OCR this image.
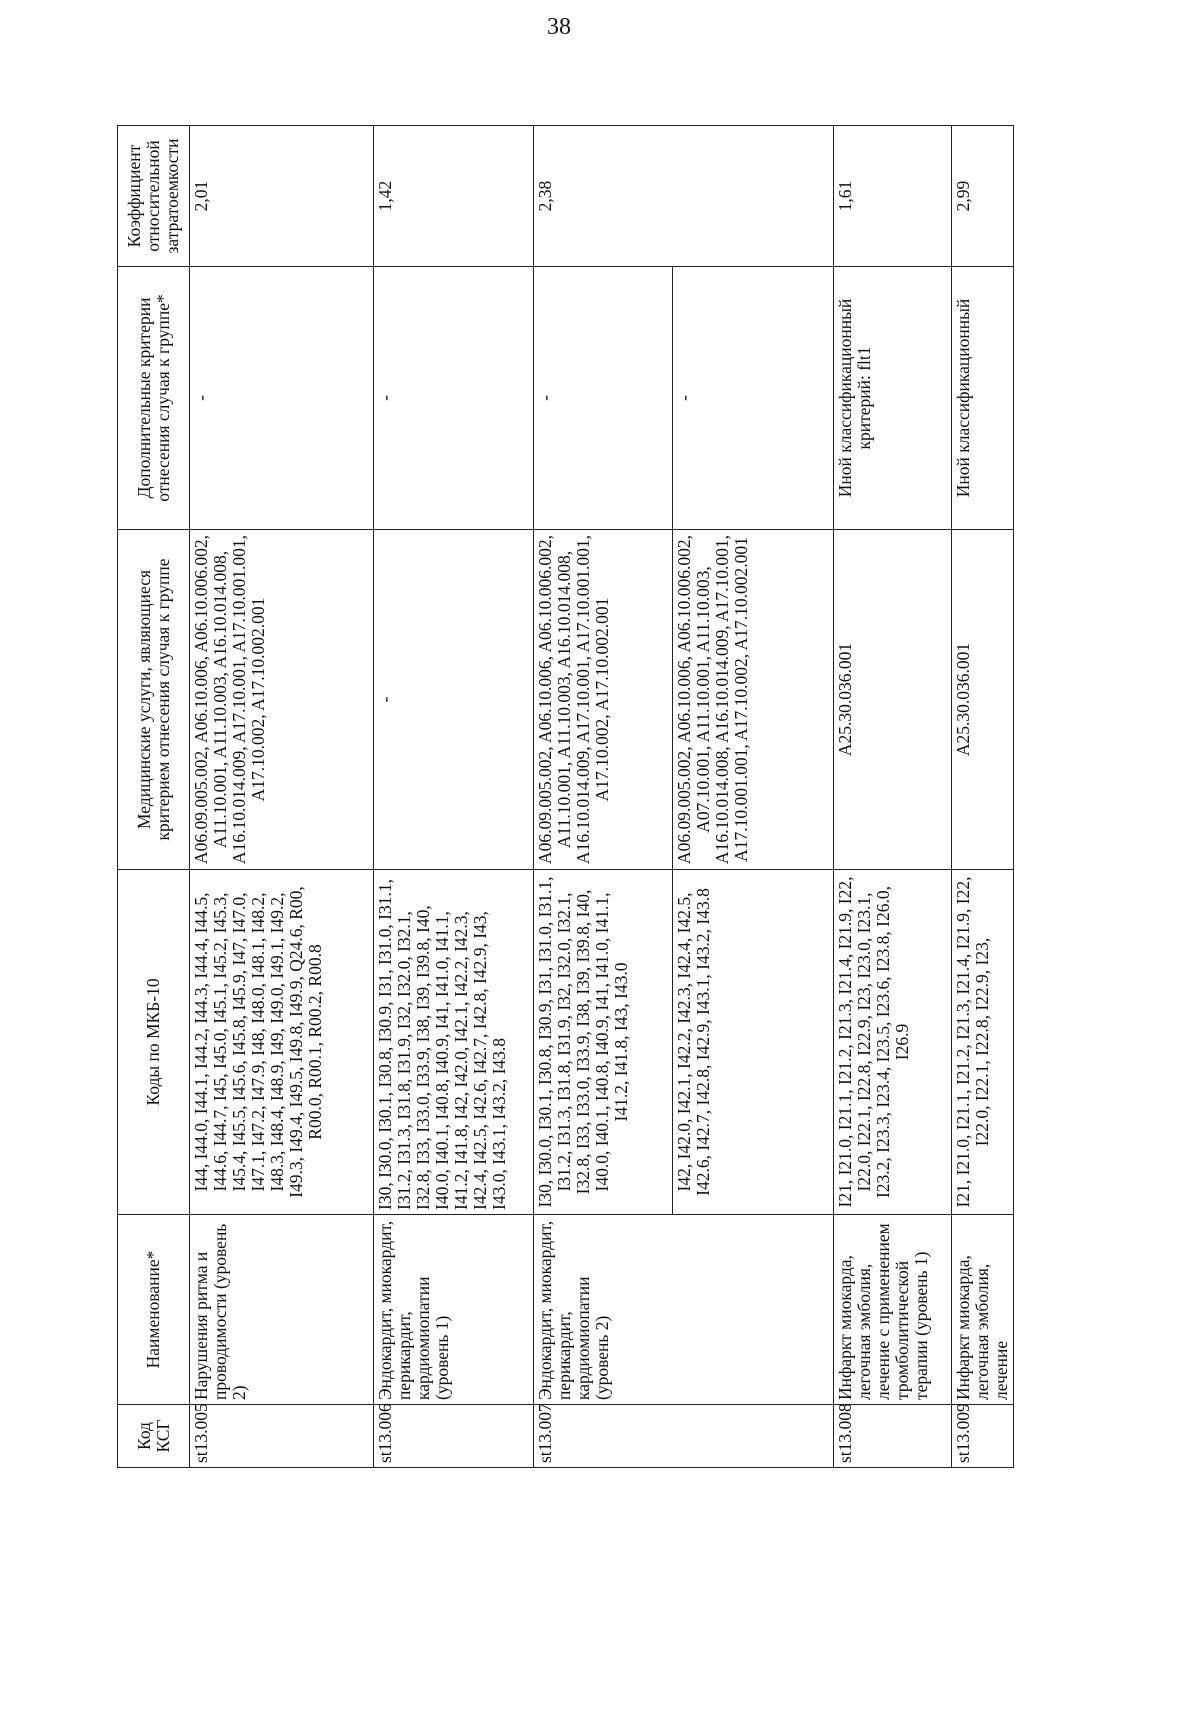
38
Код КСГ	Наименование*	Коды по МКБ-10	Медицинские услуги, являющиеся критерием отнесения случая к группе	Дополнительные критерии отнесения случая к группе*	Коэффициент относительной затратоемкости
st13.005	Нарушения ритма и проводимости (уровень 2)	I44, I44.0, I44.1, I44.2, I44.3, I44.4, I44.5, I44.6, I44.7, I45, I45.0, I45.1, I45.2, I45.3, I45.4, I45.5, I45.6, I45.8, I45.9, I47, I47.0, I47.1, I47.2, I47.9, I48, I48.0, I48.1, I48.2, I48.3, I48.4, I48.9, I49, I49.0, I49.1, I49.2, I49.3, I49.4, I49.5, I49.8, I49.9, Q24.6, R00, R00.0, R00.1, R00.2, R00.8	A06.09.005.002, A06.10.006, A06.10.006.002, A11.10.001, A11.10.003, A16.10.014.008, A16.10.014.009, A17.10.001, A17.10.001.001, A17.10.002, A17.10.002.001	-	2,01
st13.006	Эндокардит, миокардит, перикардит, кардиомиопатии (уровень 1)	I30, I30.0, I30.1, I30.8, I30.9, I31, I31.0, I31.1, I31.2, I31.3, I31.8, I31.9, I32, I32.0, I32.1, I32.8, I33, I33.0, I33.9, I38, I39, I39.8, I40, I40.0, I40.1, I40.8, I40.9, I41, I41.0, I41.1, I41.2, I41.8, I42, I42.0, I42.1, I42.2, I42.3, I42.4, I42.5, I42.6, I42.7, I42.8, I42.9, I43, I43.0, I43.1, I43.2, I43.8	-	-	1,42
st13.007	Эндокардит, миокардит, перикардит, кардиомиопатии (уровень 2)	I30, I30.0, I30.1, I30.8, I30.9, I31, I31.0, I31.1, I31.2, I31.3, I31.8, I31.9, I32, I32.0, I32.1, I32.8, I33, I33.0, I33.9, I38, I39, I39.8, I40, I40.0, I40.1, I40.8, I40.9, I41, I41.0, I41.1, I41.2, I41.8, I43, I43.0	A06.09.005.002, A06.10.006, A06.10.006.002, A11.10.001, A11.10.003, A16.10.014.008, A16.10.014.009, A17.10.001, A17.10.001.001, A17.10.002, A17.10.002.001	-	2,38
		I42, I42.0, I42.1, I42.2, I42.3, I42.4, I42.5, I42.6, I42.7, I42.8, I42.9, I43.1, I43.2, I43.8	A06.09.005.002, A06.10.006, A06.10.006.002, A07.10.001, A11.10.001, A11.10.003, A16.10.014.008, A16.10.014.009, A17.10.001, A17.10.001.001, A17.10.002, A17.10.002.001	-	
st13.008	Инфаркт миокарда, легочная эмболия, лечение с применением тромболитической терапии (уровень 1)	I21, I21.0, I21.1, I21.2, I21.3, I21.4, I21.9, I22, I22.0, I22.1, I22.8, I22.9, I23, I23.0, I23.1, I23.2, I23.3, I23.4, I23.5, I23.6, I23.8, I26.0, I26.9	A25.30.036.001	Иной классификационный критерий: flt1	1,61
st13.009	Инфаркт миокарда, легочная эмболия, лечение	I21, I21.0, I21.1, I21.2, I21.3, I21.4, I21.9, I22, I22.0, I22.1, I22.8, I22.9, I23,	A25.30.036.001	Иной классификационный	2,99
